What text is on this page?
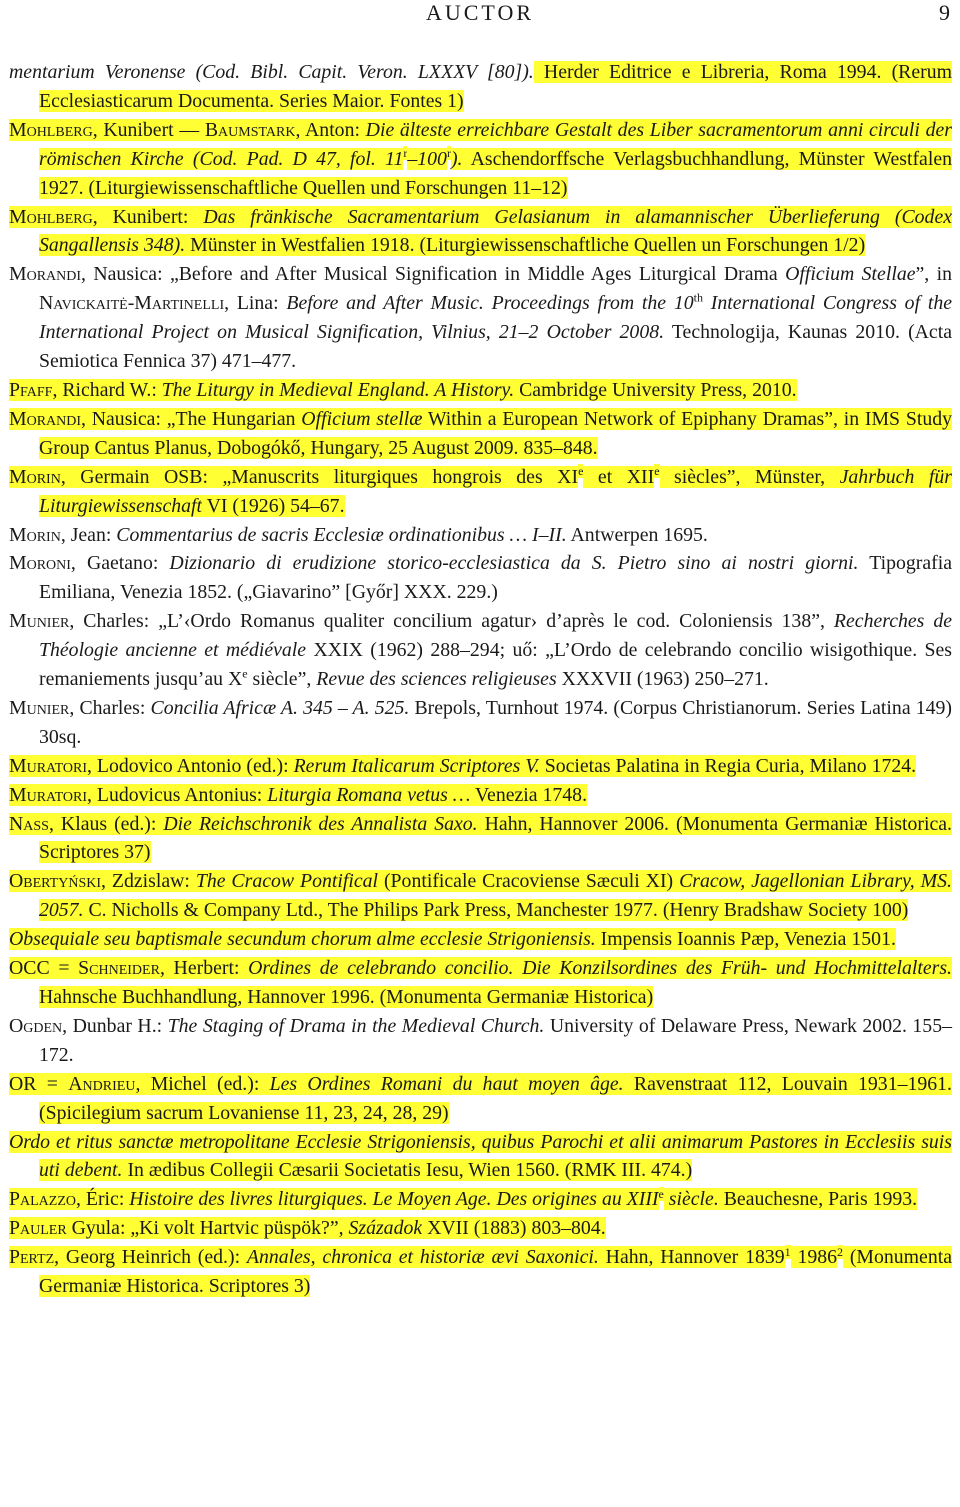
AUCTOR	9

mentarium Veronense (Cod. Bibl. Capit. Veron. LXXXV [80]). Herder Editrice e Libreria, Roma 1994. (Rerum Ecclesiasticarum Documenta. Series Maior. Fontes 1)

Mohlberg, Kunibert — Baumstark, Anton: Die älteste erreichbare Gestalt des Liber sacramentorum anni circuli der römischen Kirche (Cod. Pad. D 47, fol. 11$^r$–100$^r$). Aschendorffsche Verlagsbuchhandlung, Münster Westfalen 1927. (Liturgiewissenschaftliche Quellen und Forschungen 11–12)

Mohlberg, Kunibert: Das fränkische Sacramentarium Gelasianum in alamannischer Überlieferung (Codex Sangallensis 348). Münster in Westfalien 1918. (Liturgiewissenschaftliche Quellen un Forschungen 1/2)

Morandi, Nausica: „Before and After Musical Signification in Middle Ages Liturgical Drama Officium Stellae”, in Navickaitė-Martinelli, Lina: Before and After Music. Proceedings from the 10th International Congress of the International Project on Musical Signification, Vilnius, 21–2 October 2008. Technologija, Kaunas 2010. (Acta Semiotica Fennica 37) 471–477.

Pfaff, Richard W.: The Liturgy in Medieval England. A History. Cambridge University Press, 2010.

Morandi, Nausica: „The Hungarian Officium stellæ Within a European Network of Epiphany Dramas”, in IMS Study Group Cantus Planus, Dobogókő, Hungary, 25 August 2009. 835–848.

Morin, Germain OSB: „Manuscrits liturgiques hongrois des XIe et XIIe siècles”, Münster, Jahrbuch für Liturgiewissenschaft VI (1926) 54–67.

Morin, Jean: Commentarius de sacris Ecclesiæ ordinationibus … I–II. Antwerpen 1695.

Moroni, Gaetano: Dizionario di erudizione storico-ecclesiastica da S. Pietro sino ai nostri giorni. Tipografia Emiliana, Venezia 1852. („Giavarino” [Győr] XXX. 229.)

Munier, Charles: „L’‹Ordo Romanus qualiter concilium agatur› d’après le cod. Coloniensis 138”, Recherches de Théologie ancienne et médiévale XXIX (1962) 288–294; uő: „L’Ordo de celebrando concilio wisigothique. Ses remaniements jusqu’au Xe siècle”, Revue des sciences religieuses XXXVII (1963) 250–271.

Munier, Charles: Concilia Africæ A. 345 – A. 525. Brepols, Turnhout 1974. (Corpus Christianorum. Series Latina 149) 30sq.

Muratori, Lodovico Antonio (ed.): Rerum Italicarum Scriptores V. Societas Palatina in Regia Curia, Milano 1724.

Muratori, Ludovicus Antonius: Liturgia Romana vetus … Venezia 1748.

Nass, Klaus (ed.): Die Reichschronik des Annalista Saxo. Hahn, Hannover 2006. (Monumenta Germaniæ Historica. Scriptores 37)

Obertyński, Zdzislaw: The Cracow Pontifical (Pontificale Cracoviense Sæculi XI) Cracow, Jagellonian Library, MS. 2057. C. Nicholls & Company Ltd., The Philips Park Press, Manchester 1977. (Henry Bradshaw Society 100)

Obsequiale seu baptismale secundum chorum alme ecclesie Strigoniensis. Impensis Ioannis Pæp, Venezia 1501.

OCC = Schneider, Herbert: Ordines de celebrando concilio. Die Konzilsordines des Früh- und Hochmittelalters. Hahnsche Buchhandlung, Hannover 1996. (Monumenta Germaniæ Historica)

Ogden, Dunbar H.: The Staging of Drama in the Medieval Church. University of Delaware Press, Newark 2002. 155–172.

OR = Andrieu, Michel (ed.): Les Ordines Romani du haut moyen âge. Ravenstraat 112, Louvain 1931–1961. (Spicilegium sacrum Lovaniense 11, 23, 24, 28, 29)

Ordo et ritus sanctæ metropolitane Ecclesie Strigoniensis, quibus Parochi et alii animarum Pastores in Ecclesiis suis uti debent. In ædibus Collegii Cæsarii Societatis Iesu, Wien 1560. (RMK III. 474.)

Palazzo, Éric: Histoire des livres liturgiques. Le Moyen Age. Des origines au XIIIe siècle. Beauchesne, Paris 1993.

Pauler Gyula: „Ki volt Hartvic püspök?”, Századok XVII (1883) 803–804.

Pertz, Georg Heinrich (ed.): Annales, chronica et historiæ ævi Saxonici. Hahn, Hannover 1839$^1$ 1986$^2$ (Monumenta Germaniæ Historica. Scriptores 3)
